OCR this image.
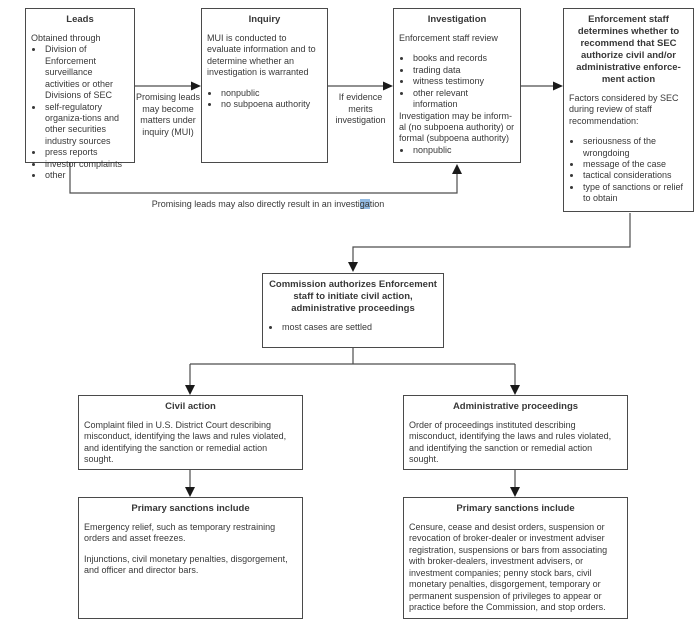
Leads
Obtained through
• Division of Enforcement surveillance activities or other Divisions of SEC
• self-regulatory organiza-tions and other securities industry sources
• press reports
• investor complaints
• other
Inquiry
MUI is conducted to evaluate information and to determine whether an investigation is warranted
• nonpublic
• no subpoena authority
Investigation
Enforcement staff review
• books and records
• trading data
• witness testimony
• other relevant information
Investigation may be inform-al (no subpoena authority) or formal (subpoena authority)
• nonpublic
Enforcement staff determines whether to recommend that SEC authorize civil and/or administrative enforce-ment action
Factors considered by SEC during review of staff recommendation:
• seriousness of the wrongdoing
• message of the case
• tactical considerations
• type of sanctions or relief to obtain
Commission authorizes Enforcement staff to initiate civil action, administrative proceedings
• most cases are settled
Civil action
Complaint filed in U.S. District Court describing misconduct, identifying the laws and rules violated, and identifying the sanction or remedial action sought.
Administrative proceedings
Order of proceedings instituted describing misconduct, identifying the laws and rules violated, and identifying the sanction or remedial action sought.
Primary sanctions include
Emergency relief, such as temporary restraining orders and asset freezes.
Injunctions, civil monetary penalties, disgorgement, and officer and director bars.
Primary sanctions include
Censure, cease and desist orders, suspension or revocation of broker-dealer or investment adviser registration, suspensions or bars from associating with broker-dealers, investment advisers, or investment companies; penny stock bars, civil monetary penalties, disgorgement, temporary or permanent suspension of privileges to appear or practice before the Commission, and stop orders.
Promising leads may become matters under inquiry (MUI)
If evidence merits investigation
Promising leads may also directly result in an investigation
